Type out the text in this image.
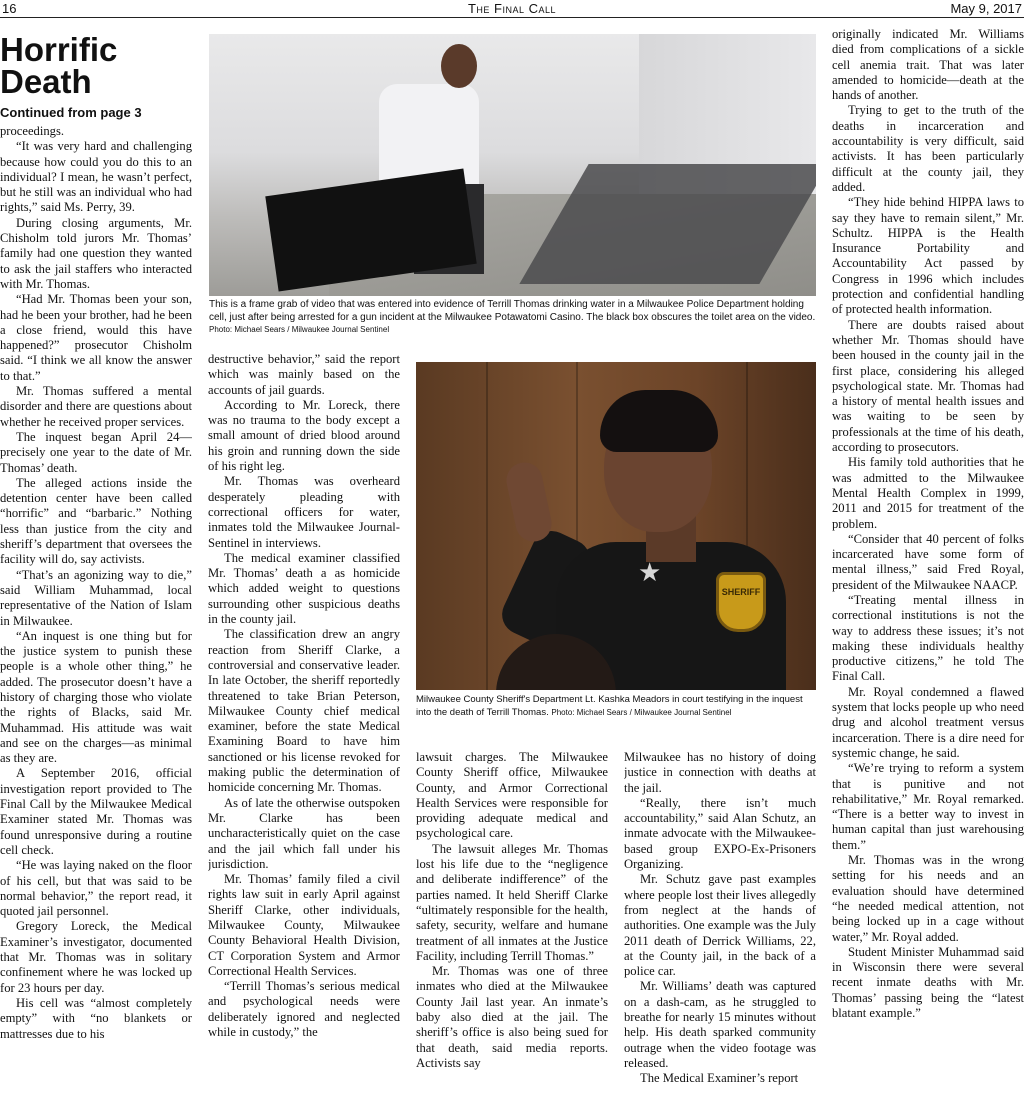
16	The Final Call	May 9, 2017
Horrific
Death
Continued from page 3

proceedings.

“It was very hard and challenging because how could you do this to an individual? I mean, he wasn’t perfect, but he still was an individual who had rights,” said Ms. Perry, 39.

During closing arguments, Mr. Chisholm told jurors Mr. Thomas’ family had one question they wanted to ask the jail staffers who interacted with Mr. Thomas.

“Had Mr. Thomas been your son, had he been your brother, had he been a close friend, would this have happened?” prosecutor Chisholm said. “I think we all know the answer to that.”

Mr. Thomas suffered a mental disorder and there are questions about whether he received proper services.

The inquest began April 24—precisely one year to the date of Mr. Thomas’ death.

The alleged actions inside the detention center have been called “horrific” and “barbaric.” Nothing less than justice from the city and sheriff’s department that oversees the facility will do, say activists.

“That’s an agonizing way to die,” said William Muhammad, local representative of the Nation of Islam in Milwaukee.

“An inquest is one thing but for the justice system to punish these people is a whole other thing,” he added. The prosecutor doesn’t have a history of charging those who violate the rights of Blacks, said Mr. Muhammad. His attitude was wait and see on the charges—as minimal as they are.

A September 2016, official investigation report provided to The Final Call by the Milwaukee Medical Examiner stated Mr. Thomas was found unresponsive during a routine cell check.

“He was laying naked on the floor of his cell, but that was said to be normal behavior,” the report read, it quoted jail personnel.

Gregory Loreck, the Medical Examiner’s investigator, documented that Mr. Thomas was in solitary confinement where he was locked up for 23 hours per day.

His cell was “almost completely empty” with “no blankets or mattresses due to his

This is a frame grab of video that was entered into evidence of Terrill Thomas drinking water in a Milwaukee Police Department holding cell, just after being arrested for a gun incident at the Milwaukee Potawatomi Casino. The black box obscures the toilet area on the video. Photo: Michael Sears / Milwaukee Journal Sentinel

destructive behavior,” said the report which was mainly based on the accounts of jail guards.

According to Mr. Loreck, there was no trauma to the body except a small amount of dried blood around his groin and running down the side of his right leg.

Mr. Thomas was overheard desperately pleading with correctional officers for water, inmates told the Milwaukee Journal-Sentinel in interviews.

The medical examiner classified Mr. Thomas’ death a as homicide which added weight to questions surrounding other suspicious deaths in the county jail.

The classification drew an angry reaction from Sheriff Clarke, a controversial and conservative leader. In late October, the sheriff reportedly threatened to take Brian Peterson, Milwaukee County chief medical examiner, before the state Medical Examining Board to have him sanctioned or his license revoked for making public the determination of homicide concerning Mr. Thomas.

As of late the otherwise outspoken Mr. Clarke has been uncharacteristically quiet on the case and the jail which fall under his jurisdiction.

Mr. Thomas’ family filed a civil rights law suit in early April against Sheriff Clarke, other individuals, Milwaukee County, Milwaukee County Behavioral Health Division, CT Corporation System and Armor Correctional Health Services.

“Terrill Thomas’s serious medical and psychological needs were deliberately ignored and neglected while in custody,” the

★
SHERIFF
Milwaukee County Sheriff's Department Lt. Kashka Meadors in court testifying in the inquest into the death of Terrill Thomas. Photo: Michael Sears / Milwaukee Journal Sentinel

lawsuit charges. The Milwaukee County Sheriff office, Milwaukee County, and Armor Correctional Health Services were responsible for providing adequate medical and psychological care.

The lawsuit alleges Mr. Thomas lost his life due to the “negligence and deliberate indifference” of the parties named. It held Sheriff Clarke “ultimately responsible for the health, safety, security, welfare and humane treatment of all inmates at the Justice Facility, including Terrill Thomas.”

Mr. Thomas was one of three inmates who died at the Milwaukee County Jail last year. An inmate’s baby also died at the jail. The sheriff’s office is also being sued for that death, said media reports. Activists say

Milwaukee has no history of doing justice in connection with deaths at the jail.

“Really, there isn’t much accountability,” said Alan Schutz, an inmate advocate with the Milwaukee-based group EXPO-Ex-Prisoners Organizing.

Mr. Schutz gave past examples where people lost their lives allegedly from neglect at the hands of authorities. One example was the July 2011 death of Derrick Williams, 22, at the County jail, in the back of a police car.

Mr. Williams’ death was captured on a dash-cam, as he struggled to breathe for nearly 15 minutes without help. His death sparked community outrage when the video footage was released.

The Medical Examiner’s report

originally indicated Mr. Williams died from complications of a sickle cell anemia trait. That was later amended to homicide—death at the hands of another.

Trying to get to the truth of the deaths in incarceration and accountability is very difficult, said activists. It has been particularly difficult at the county jail, they added.

“They hide behind HIPPA laws to say they have to remain silent,” Mr. Schultz. HIPPA is the Health Insurance Portability and Accountability Act passed by Congress in 1996 which includes protection and confidential handling of protected health information.

There are doubts raised about whether Mr. Thomas should have been housed in the county jail in the first place, considering his alleged psychological state. Mr. Thomas had a history of mental health issues and was waiting to be seen by professionals at the time of his death, according to prosecutors.

His family told authorities that he was admitted to the Milwaukee Mental Health Complex in 1999, 2011 and 2015 for treatment of the problem.

“Consider that 40 percent of folks incarcerated have some form of mental illness,” said Fred Royal, president of the Milwaukee NAACP.

“Treating mental illness in correctional institutions is not the way to address these issues; it’s not making these individuals healthy productive citizens,” he told The Final Call.

Mr. Royal condemned a flawed system that locks people up who need drug and alcohol treatment versus incarceration. There is a dire need for systemic change, he said.

“We’re trying to reform a system that is punitive and not rehabilitative,” Mr. Royal remarked. “There is a better way to invest in human capital than just warehousing them.”

Mr. Thomas was in the wrong setting for his needs and an evaluation should have determined “he needed medical attention, not being locked up in a cage without water,” Mr. Royal added.

Student Minister Muhammad said in Wisconsin there were several recent inmate deaths with Mr. Thomas’ passing being the “latest blatant example.”
